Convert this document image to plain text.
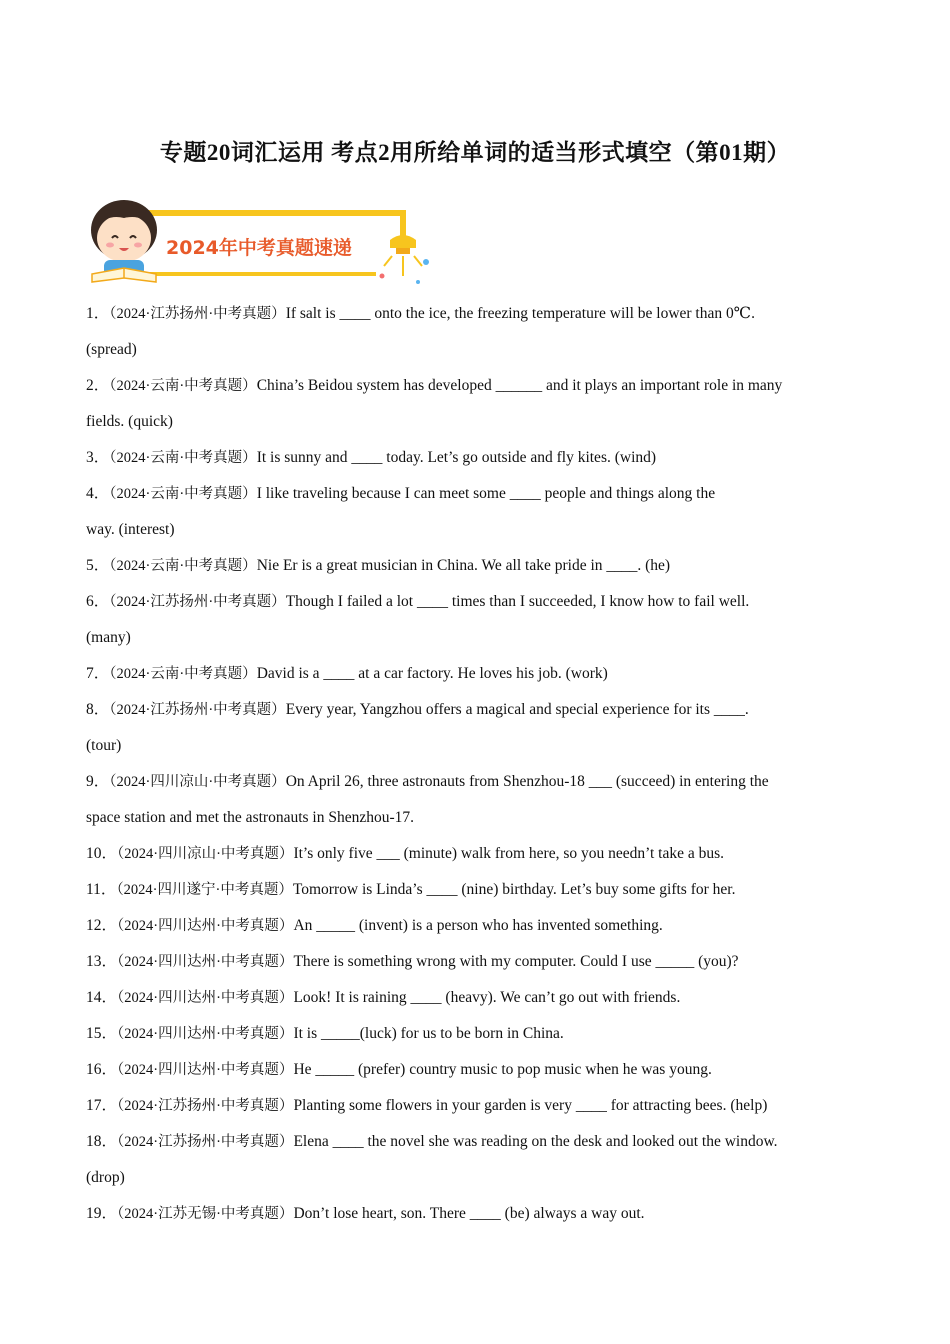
专题20词汇运用 考点2用所给单词的适当形式填空（第01期）
2024年中考真题速递

1．（2024·江苏扬州·中考真题）If salt is ____ onto the ice, the freezing temperature will be lower than 0℃.
(spread)

2．（2024·云南·中考真题）China’s Beidou system has developed ______ and it plays an important role in many
fields. (quick)

3．（2024·云南·中考真题）It is sunny and ____ today. Let’s go outside and fly kites. (wind)

4．（2024·云南·中考真题）I like traveling because I can meet some ____ people and things along the
way. (interest)

5．（2024·云南·中考真题）Nie Er is a great musician in China. We all take pride in ____. (he)

6．（2024·江苏扬州·中考真题）Though I failed a lot ____ times than I succeeded, I know how to fail well.
(many)

7．（2024·云南·中考真题）David is a ____ at a car factory. He loves his job. (work)

8．（2024·江苏扬州·中考真题）Every year, Yangzhou offers a magical and special experience for its ____.
(tour)

9．（2024·四川凉山·中考真题）On April 26, three astronauts from Shenzhou-18 ___ (succeed) in entering the
space station and met the astronauts in Shenzhou-17.

10．（2024·四川凉山·中考真题）It’s only five ___ (minute) walk from here, so you needn’t take a bus.

11．（2024·四川遂宁·中考真题）Tomorrow is Linda’s ____ (nine) birthday. Let’s buy some gifts for her.

12．（2024·四川达州·中考真题）An _____ (invent) is a person who has invented something.

13．（2024·四川达州·中考真题）There is something wrong with my computer. Could I use _____ (you)?

14．（2024·四川达州·中考真题）Look! It is raining ____ (heavy). We can’t go out with friends.

15．（2024·四川达州·中考真题）It is _____(luck) for us to be born in China.

16．（2024·四川达州·中考真题）He _____ (prefer) country music to pop music when he was young.

17．（2024·江苏扬州·中考真题）Planting some flowers in your garden is very ____ for attracting bees. (help)

18．（2024·江苏扬州·中考真题）Elena ____ the novel she was reading on the desk and looked out the window.
(drop)

19．（2024·江苏无锡·中考真题）Don’t lose heart, son. There ____ (be) always a way out.
